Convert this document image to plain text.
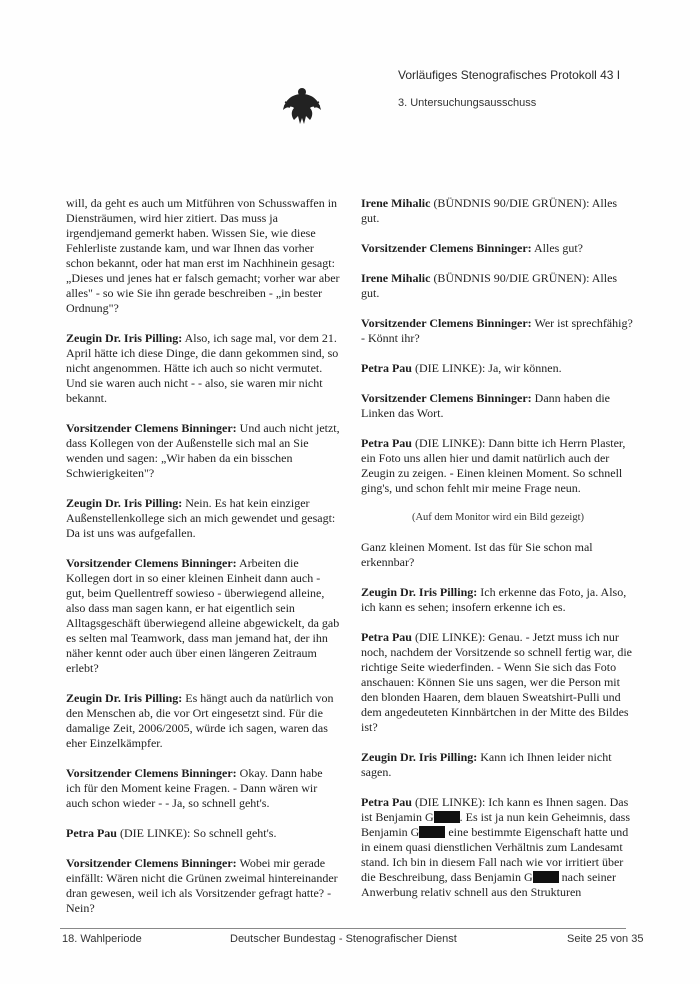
Vorläufiges Stenografisches Protokoll 43 I
3. Untersuchungsausschuss

will, da geht es auch um Mitführen von Schusswaffen in Diensträumen, wird hier zitiert. Das muss ja irgendjemand gemerkt haben. Wissen Sie, wie diese Fehlerliste zustande kam, und war Ihnen das vorher schon bekannt, oder hat man erst im Nachhinein gesagt: „Dieses und jenes hat er falsch gemacht; vorher war aber alles" - so wie Sie ihn gerade beschreiben - „in bester Ordnung"?

Zeugin Dr. Iris Pilling: Also, ich sage mal, vor dem 21. April hätte ich diese Dinge, die dann gekommen sind, so nicht angenommen. Hätte ich auch so nicht vermutet. Und sie waren auch nicht - - also, sie waren mir nicht bekannt.

Vorsitzender Clemens Binninger: Und auch nicht jetzt, dass Kollegen von der Außenstelle sich mal an Sie wenden und sagen: „Wir haben da ein bisschen Schwierigkeiten"?

Zeugin Dr. Iris Pilling: Nein. Es hat kein einziger Außenstellenkollege sich an mich gewendet und gesagt: Da ist uns was aufgefallen.

Vorsitzender Clemens Binninger: Arbeiten die Kollegen dort in so einer kleinen Einheit dann auch - gut, beim Quellentreff sowieso - überwiegend alleine, also dass man sagen kann, er hat eigentlich sein Alltagsgeschäft überwiegend alleine abgewickelt, da gab es selten mal Teamwork, dass man jemand hat, der ihn näher kennt oder auch über einen längeren Zeitraum erlebt?

Zeugin Dr. Iris Pilling: Es hängt auch da natürlich von den Menschen ab, die vor Ort eingesetzt sind. Für die damalige Zeit, 2006/2005, würde ich sagen, waren das eher Einzelkämpfer.

Vorsitzender Clemens Binninger: Okay. Dann habe ich für den Moment keine Fragen. - Dann wären wir auch schon wieder - - Ja, so schnell geht's.

Petra Pau (DIE LINKE): So schnell geht's.

Vorsitzender Clemens Binninger: Wobei mir gerade einfällt: Wären nicht die Grünen zweimal hintereinander dran gewesen, weil ich als Vorsitzender gefragt hatte? - Nein?

Irene Mihalic (BÜNDNIS 90/DIE GRÜNEN): Alles gut.

Vorsitzender Clemens Binninger: Alles gut?

Irene Mihalic (BÜNDNIS 90/DIE GRÜNEN): Alles gut.

Vorsitzender Clemens Binninger: Wer ist sprechfähig? - Könnt ihr?

Petra Pau (DIE LINKE): Ja, wir können.

Vorsitzender Clemens Binninger: Dann haben die Linken das Wort.

Petra Pau (DIE LINKE): Dann bitte ich Herrn Plaster, ein Foto uns allen hier und damit natürlich auch der Zeugin zu zeigen. - Einen kleinen Moment. So schnell ging's, und schon fehlt mir meine Frage neun.

(Auf dem Monitor wird ein Bild gezeigt)

Ganz kleinen Moment. Ist das für Sie schon mal erkennbar?

Zeugin Dr. Iris Pilling: Ich erkenne das Foto, ja. Also, ich kann es sehen; insofern erkenne ich es.

Petra Pau (DIE LINKE): Genau. - Jetzt muss ich nur noch, nachdem der Vorsitzende so schnell fertig war, die richtige Seite wiederfinden. - Wenn Sie sich das Foto anschauen: Können Sie uns sagen, wer die Person mit den blonden Haaren, dem blauen Sweatshirt-Pulli und dem angedeuteten Kinnbärtchen in der Mitte des Bildes ist?

Zeugin Dr. Iris Pilling: Kann ich Ihnen leider nicht sagen.

Petra Pau (DIE LINKE): Ich kann es Ihnen sagen. Das ist Benjamin G . Es ist ja nun kein Geheimnis, dass Benjamin G eine bestimmte Eigenschaft hatte und in einem quasi dienstlichen Verhältnis zum Landesamt stand. Ich bin in diesem Fall nach wie vor irritiert über die Beschreibung, dass Benjamin G nach seiner Anwerbung relativ schnell aus den Strukturen

18. Wahlperiode	Deutscher Bundestag - Stenografischer Dienst	Seite 25 von 35
